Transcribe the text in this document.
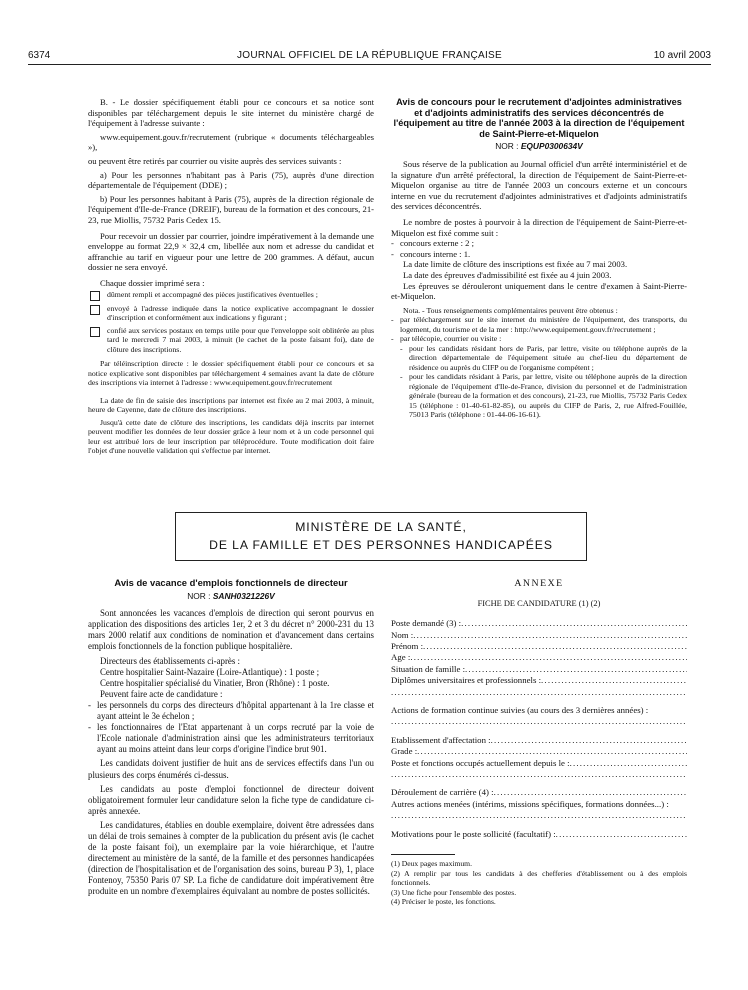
6374	JOURNAL OFFICIEL DE LA RÉPUBLIQUE FRANÇAISE	10 avril 2003

B. - Le dossier spécifiquement établi pour ce concours et sa notice sont disponibles par téléchargement depuis le site internet du ministère chargé de l'équipement à l'adresse suivante :

www.equipement.gouv.fr/recrutement (rubrique « documents téléchargeables »),

ou peuvent être retirés par courrier ou visite auprès des services suivants :

a) Pour les personnes n'habitant pas à Paris (75), auprès d'une direction départementale de l'équipement (DDE) ;

b) Pour les personnes habitant à Paris (75), auprès de la direction régionale de l'équipement d'Ile-de-France (DREIF), bureau de la formation et des concours, 21-23, rue Miollis, 75732 Paris Cedex 15.

Pour recevoir un dossier par courrier, joindre impérativement à la demande une enveloppe au format 22,9 × 32,4 cm, libellée aux nom et adresse du candidat et affranchie au tarif en vigueur pour une lettre de 200 grammes. A défaut, aucun dossier ne sera envoyé.

Chaque dossier imprimé sera :

dûment rempli et accompagné des pièces justificatives éventuelles ;
envoyé à l'adresse indiquée dans la notice explicative accompagnant le dossier d'inscription et conformément aux indications y figurant ;
confié aux services postaux en temps utile pour que l'enveloppe soit oblitérée au plus tard le mercredi 7 mai 2003, à minuit (le cachet de la poste faisant foi), date de clôture des inscriptions.

Par téléinscription directe : le dossier spécifiquement établi pour ce concours et sa notice explicative sont disponibles par téléchargement 4 semaines avant la date de clôture des inscriptions via internet à l'adresse : www.equipement.gouv.fr/recrutement

La date de fin de saisie des inscriptions par internet est fixée au 2 mai 2003, à minuit, heure de Cayenne, date de clôture des inscriptions.

Jusqu'à cette date de clôture des inscriptions, les candidats déjà inscrits par internet peuvent modifier les données de leur dossier grâce à leur nom et à un code personnel qui leur est attribué lors de leur inscription par téléprocédure. Toute modification doit faire l'objet d'une nouvelle validation qui s'effectue par internet.

Avis de concours pour le recrutement d'adjointes administratives et d'adjoints administratifs des services déconcentrés de l'équipement au titre de l'année 2003 à la direction de l'équipement de Saint-Pierre-et-Miquelon
NOR : EQUP0300634V

Sous réserve de la publication au Journal officiel d'un arrêté interministériel et de la signature d'un arrêté préfectoral, la direction de l'équipement de Saint-Pierre-et-Miquelon organise au titre de l'année 2003 un concours externe et un concours interne en vue du recrutement d'adjointes administratives et d'adjoints administratifs des services déconcentrés.

Le nombre de postes à pourvoir à la direction de l'équipement de Saint-Pierre-et-Miquelon est fixé comme suit :

- concours externe : 2 ;
- concours interne : 1.

La date limite de clôture des inscriptions est fixée au 7 mai 2003.

La date des épreuves d'admissibilité est fixée au 4 juin 2003.

Les épreuves se dérouleront uniquement dans le centre d'examen à Saint-Pierre-et-Miquelon.

Nota. - Tous renseignements complémentaires peuvent être obtenus :

- par téléchargement sur le site internet du ministère de l'équipement, des transports, du logement, du tourisme et de la mer : http://www.equipement.gouv.fr/recrutement ;
- par télécopie, courrier ou visite :
- pour les candidats résidant hors de Paris, par lettre, visite ou téléphone auprès de la direction départementale de l'équipement située au chef-lieu du département de résidence ou auprès du CIFP ou de l'organisme compétent ;
- pour les candidats résidant à Paris, par lettre, visite ou téléphone auprès de la direction régionale de l'équipement d'Ile-de-France, division du personnel et de l'administration générale (bureau de la formation et des concours), 21-23, rue Miollis, 75732 Paris Cedex 15 (téléphone : 01-40-61-82-85), ou auprès du CIFP de Paris, 2, rue Alfred-Fouillée, 75013 Paris (téléphone : 01-44-06-16-61).
MINISTÈRE DE LA SANTÉ,
DE LA FAMILLE ET DES PERSONNES HANDICAPÉES
Avis de vacance d'emplois fonctionnels de directeur
NOR : SANH0321226V

Sont annoncées les vacances d'emplois de direction qui seront pourvus en application des dispositions des articles 1er, 2 et 3 du décret n° 2000-231 du 13 mars 2000 relatif aux conditions de nomination et d'avancement dans certains emplois fonctionnels de la fonction publique hospitalière.

Directeurs des établissements ci-après :

Centre hospitalier Saint-Nazaire (Loire-Atlantique) : 1 poste ;

Centre hospitalier spécialisé du Vinatier, Bron (Rhône) : 1 poste.

Peuvent faire acte de candidature :

- les personnels du corps des directeurs d'hôpital appartenant à la 1re classe et ayant atteint le 3e échelon ;
- les fonctionnaires de l'Etat appartenant à un corps recruté par la voie de l'Ecole nationale d'administration ainsi que les administrateurs territoriaux ayant au moins atteint dans leur corps d'origine l'indice brut 901.

Les candidats doivent justifier de huit ans de services effectifs dans l'un ou plusieurs des corps énumérés ci-dessus.

Les candidats au poste d'emploi fonctionnel de directeur doivent obligatoirement formuler leur candidature selon la fiche type de candidature ci-après annexée.

Les candidatures, établies en double exemplaire, doivent être adressées dans un délai de trois semaines à compter de la publication du présent avis (le cachet de la poste faisant foi), un exemplaire par la voie hiérarchique, et l'autre directement au ministère de la santé, de la famille et des personnes handicapées (direction de l'hospitalisation et de l'organisation des soins, bureau P 3), 1, place Fontenoy, 75350 Paris 07 SP. La fiche de candidature doit impérativement être produite en un nombre d'exemplaires équivalant au nombre de postes sollicités.

ANNEXE
FICHE DE CANDIDATURE (1) (2)
Poste demandé (3) :
. . .
Nom :
. . .
Prénom :
. . .
Age :
. . .
Situation de famille :
. . .
Diplômes universitaires et professionnels :
. . .
. . .
Actions de formation continue suivies (au cours des 3 dernières années) :
. . .
Etablissement d'affectation :
. . .
Grade :
. . .
Poste et fonctions occupés actuellement depuis le :
. . .
. . .
Déroulement de carrière (4) :
. . .
Autres actions menées (intérims, missions spécifiques, formations données...) :
. . .
Motivations pour le poste sollicité (facultatif) :
. . .
(1) Deux pages maximum.
(2) A remplir par tous les candidats à des chefferies d'établissement ou à des emplois fonctionnels.
(3) Une fiche pour l'ensemble des postes.
(4) Préciser le poste, les fonctions.
